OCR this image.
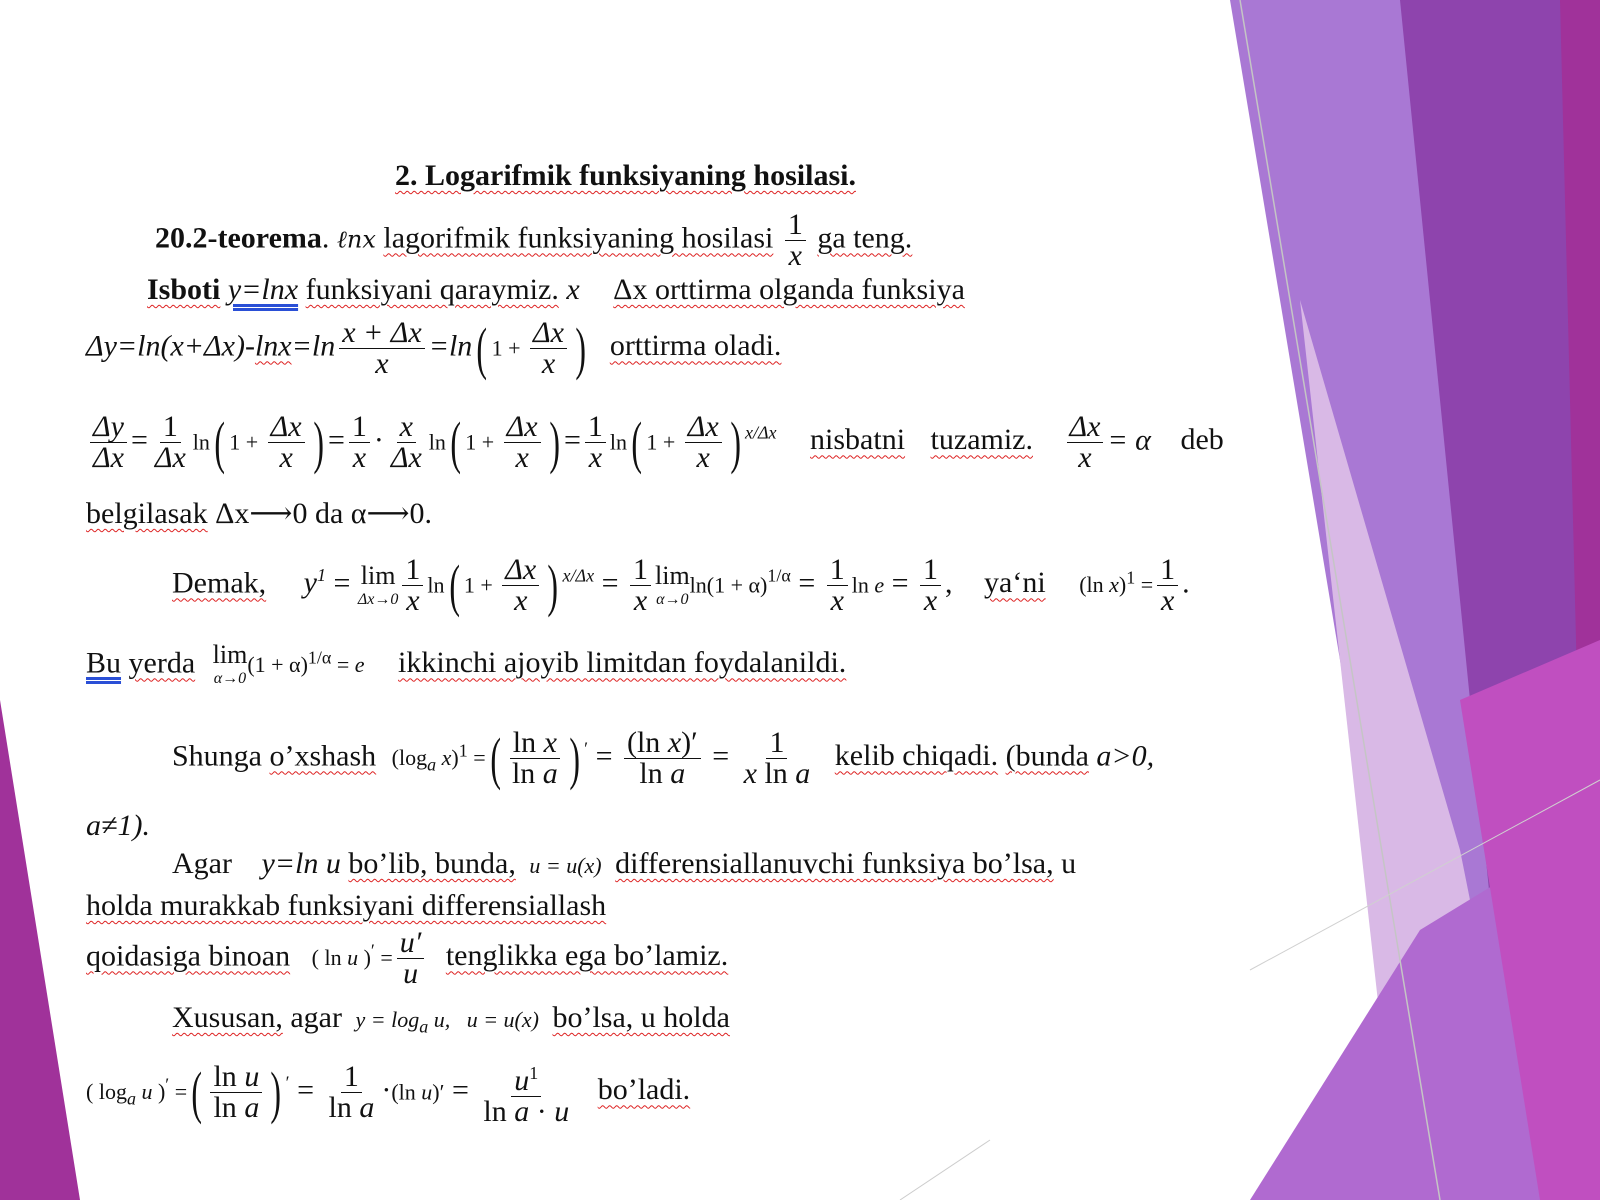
2. Logarifmik funksiyaning hosilasi.
20.2-teorema. ℓnx lagorifmik funksiyaning hosilasi $\frac{1}{x}$ ga teng.
Isboti y=lnx funksiyani qaraymiz. x Δx orttirma olganda funksiya
$\Delta y=\ln(x+\Delta x)-\ln x=\ln \frac{x + \Delta x}{x} =\ln$( $1 + \frac{\Delta x}{x}$ ) orttirma oladi.
$\frac{\Delta y}{\Delta x} = \frac{1}{\Delta x} \ln$( $1 + \frac{\Delta x}{x}$ ) = $\frac{1}{x} \cdot \frac{x}{\Delta x} \ln$( $1 + \frac{\Delta x}{x}$ ) = $\frac{1}{x} \ln$( $1 + \frac{\Delta x}{x}$ ) $^{x/\Delta x}$ nisbatni tuzamiz. $\frac{\Delta x}{x} = \alpha$ deb
belgilasak Δx⟶0 da α⟶0.
Demak, $y^1 = \lim$
$\Delta x\to 0 \frac{1}{x} \ln$( $1 + \frac{\Delta x}{x}$ ) $^{x/\Delta x} = \frac{1}{x}$ lim
α→0
$\ln(1 + \alpha)^{1/\alpha} = \frac{1}{x}$ $\ln e = \frac{1}{x}$ , ya‘ni (ln $x)^1 = \frac{1}{x}$ .
Bu yerda lim
α→0
$(1 + \alpha)^{1/\alpha} = e$ ikkinchi ajoyib limitdan foydalanildi.
Shunga o’xshash ($\log_a$ x)$^1$ =( $\frac{\text{ln x}}{\text{ln a}}$ ) $' = \frac{\text{(ln x)′}}{\text{ln a}} = \frac{1}{\text{x ln a}}$ kelib chiqadi. (bunda a>0,
a≠1).
Agar y=ln u bo’lib, bunda, u = u(x) differensiallanuvchi funksiya bo’lsa, u
holda murakkab funksiyani differensiallash
qoidasiga binoan ( ln u )$' = \frac{u'}{u}$ tenglikka ega bo’lamiz.
Xususan, agar $y = \log_a u$,   u = u(x) bo’lsa, u holda
( $\log_a u$ )′ =( $\frac{\text{ln u}}{\text{ln a}}$ ) $' = \frac{1}{\text{ln a}} \cdot(\ln$ $u)' = \frac{u^1}{\text{ln a · u}}$ bo’ladi.
